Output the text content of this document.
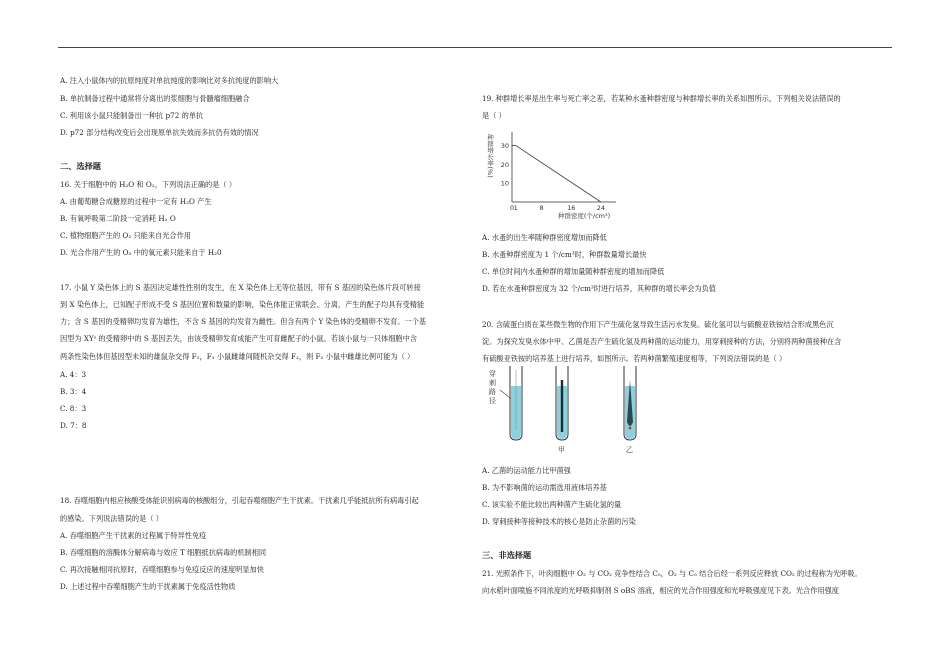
A. 注入小鼠体内的抗原纯度对单抗纯度的影响比对多抗纯度的影响大
B. 单抗制备过程中通常将分离出的浆细胞与骨髓瘤细胞融合
C. 利用该小鼠只能制备出一种抗 p72 的单抗
D. p72 部分结构改变后会出现原单抗失效而多抗仍有效的情况
二、选择题
16. 关于细胞中的 H₂O 和 O₂，下列说法正确的是（ ）
A. 由葡萄糖合成糖原的过程中一定有 H₂O 产生
B. 有氧呼吸第二阶段一定消耗 H₂ O
C. 植物细胞产生的 O₂ 只能来自光合作用
D. 光合作用产生的 O₂ 中的氧元素只能来自于 H₂0
17. 小鼠 Y 染色体上的 S 基因决定雄性性别的发生，在 X 染色体上无等位基因，带有 S 基因的染色体片段可转接
到 X 染色体上，已知配子形成不受 S 基因位置和数量的影响，染色体能正常联会、分离，产生的配子均具有受精能
力；含 S 基因的受精卵均发育为雄性，不含 S 基因的均发育为雌性。但含有两个 Y 染色体的受精卵不发育。一个基
因型为 XYˢ 的受精卵中的 S 基因丢失，由该受精卵发育成能产生可育雌配子的小鼠。若该小鼠与一只体细胞中含
两条性染色体但基因型未知的雄鼠杂交得 F₁，F₁ 小鼠雌雄间随机杂交得 F₂，则 F₂ 小鼠中雌雄比例可能为（ ）
A. 4：3
B. 3：4
C. 8：3
D. 7：8
18. 吞噬细胞内相应核酸受体能识别病毒的核酸组分，引起吞噬细胞产生干扰素。干扰素几乎能抵抗所有病毒引起
的感染。下列说法错误的是（ ）
A. 吞噬细胞产生干扰素的过程属于特异性免疫
B. 吞噬细胞的溶酶体分解病毒与效应 T 细胞抵抗病毒的机制相同
C. 再次接触相同抗原时，吞噬细胞参与免疫反应的速度明显加快
D. 上述过程中吞噬细胞产生的干扰素属于免疫活性物质
19. 种群增长率是出生率与死亡率之差，若某种水蚤种群密度与种群增长率的关系如图所示，下列相关说法错误的
是（ ）
10
20
30
0 1	8	16	24
种群增长率(%)
种群密度(个/cm³)
A. 水蚤的出生率随种群密度增加而降低
B. 水蚤种群密度为 1 个/cm³时，种群数量增长最快
C. 单位时间内水蚤种群的增加量随种群密度的增加而降低
D. 若在水蚤种群密度为 32 个/cm³时进行培养，其种群的增长率会为负值
20. 含硫蛋白质在某些微生物的作用下产生硫化氢导致生活污水发臭。硫化氢可以与硫酸亚铁铵结合形成黑色沉
淀。为探究发臭水体中甲、乙菌是否产生硫化氢及两种菌的运动能力，用穿刺接种的方法，分别将两种菌接种在含
有硫酸亚铁铵的培养基上进行培养，如图所示。若两种菌繁殖速度相等，下列说法错误的是（ ）
穿
刺
路
径
甲	乙
A. 乙菌的运动能力比甲菌强
B. 为不影响菌的运动需选用液体培养基
C. 该实验不能比较出两种菌产生硫化氢的量
D. 穿刺接种等接种技术的核心是防止杂菌的污染
三、非选择题
21. 光照条件下，叶肉细胞中 O₂ 与 CO₂ 竞争性结合 C₅，O₂ 与 C₅ 结合后经一系列反应释放 CO₂ 的过程称为光呼吸。
向水稻叶面喷施不同浓度的光呼吸抑制剂 S oBS 溶液，相应的光合作用强度和光呼吸强度见下表。光合作用强度
